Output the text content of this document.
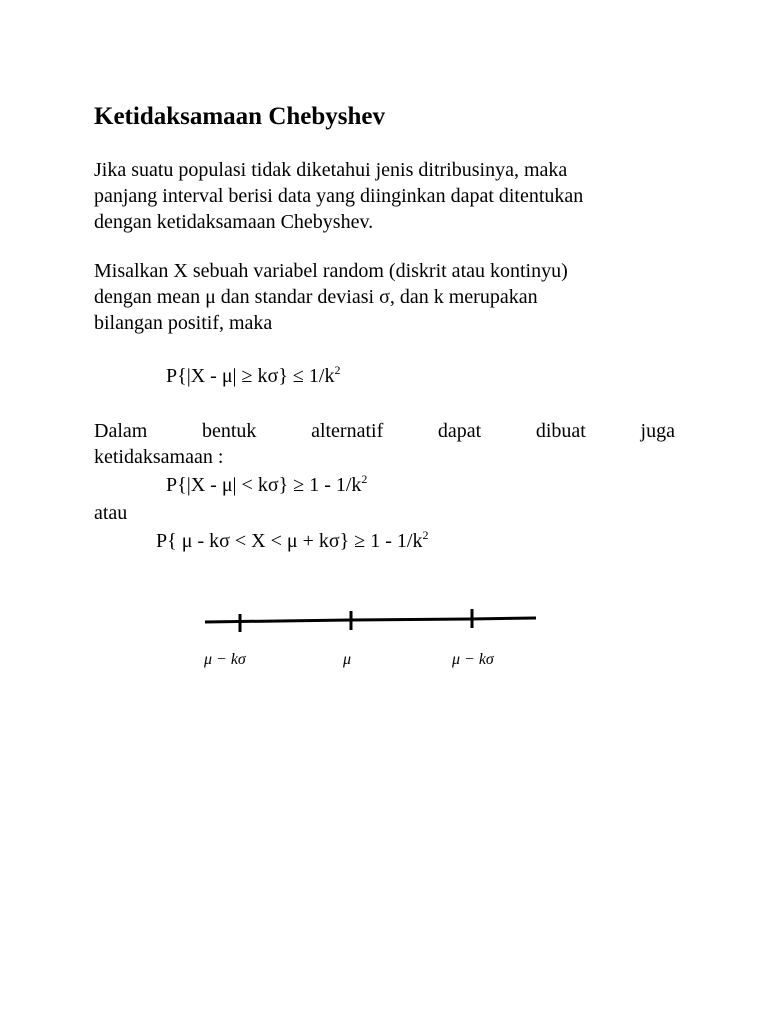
Ketidaksamaan Chebyshev
Jika suatu populasi tidak diketahui jenis ditribusinya, maka
panjang interval berisi data yang diinginkan dapat ditentukan
dengan ketidaksamaan Chebyshev.
Misalkan X sebuah variabel random (diskrit atau kontinyu)
dengan mean μ dan standar deviasi σ, dan k merupakan
bilangan positif, maka
$P\{|X - \mu| \ge k\sigma\} \le 1/k^2$
Dalam	bentuk	alternatif	dapat	dibuat	juga
ketidaksamaan :
$P\{|X - \mu| < k\sigma\} \ge 1 - 1/k^2$
atau
P{ $\mu - k\sigma < X < \mu + k\sigma\} \ge 1 - 1/k^2$
μ − kσ	μ	μ − kσ
